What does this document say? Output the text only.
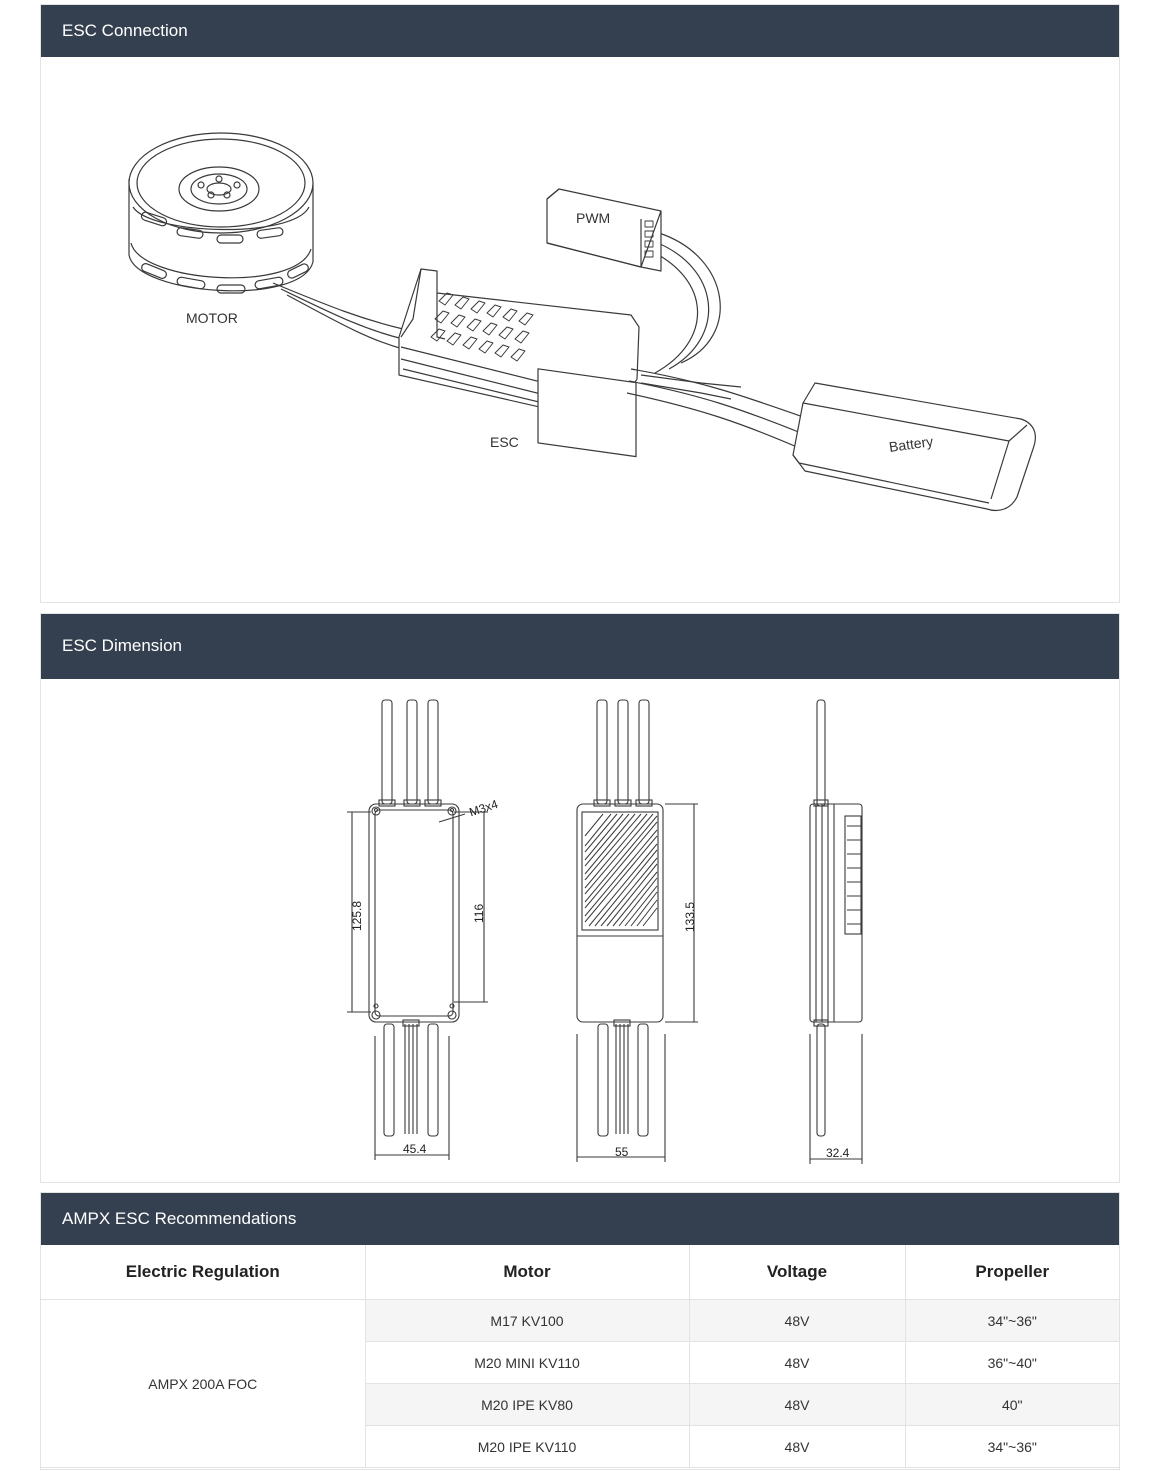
ESC Connection
MOTOR
ESC
PWM
Battery
ESC Dimension
M3x4
125.8	116	133.5
45.4	55	32.4
AMPX ESC Recommendations
Electric Regulation	Motor	Voltage	Propeller
AMPX 200A FOC	M17 KV100	48V	34"~36"
	M20 MINI KV110	48V	36"~40"
	M20 IPE KV80	48V	40"
	M20 IPE KV110	48V	34"~36"
